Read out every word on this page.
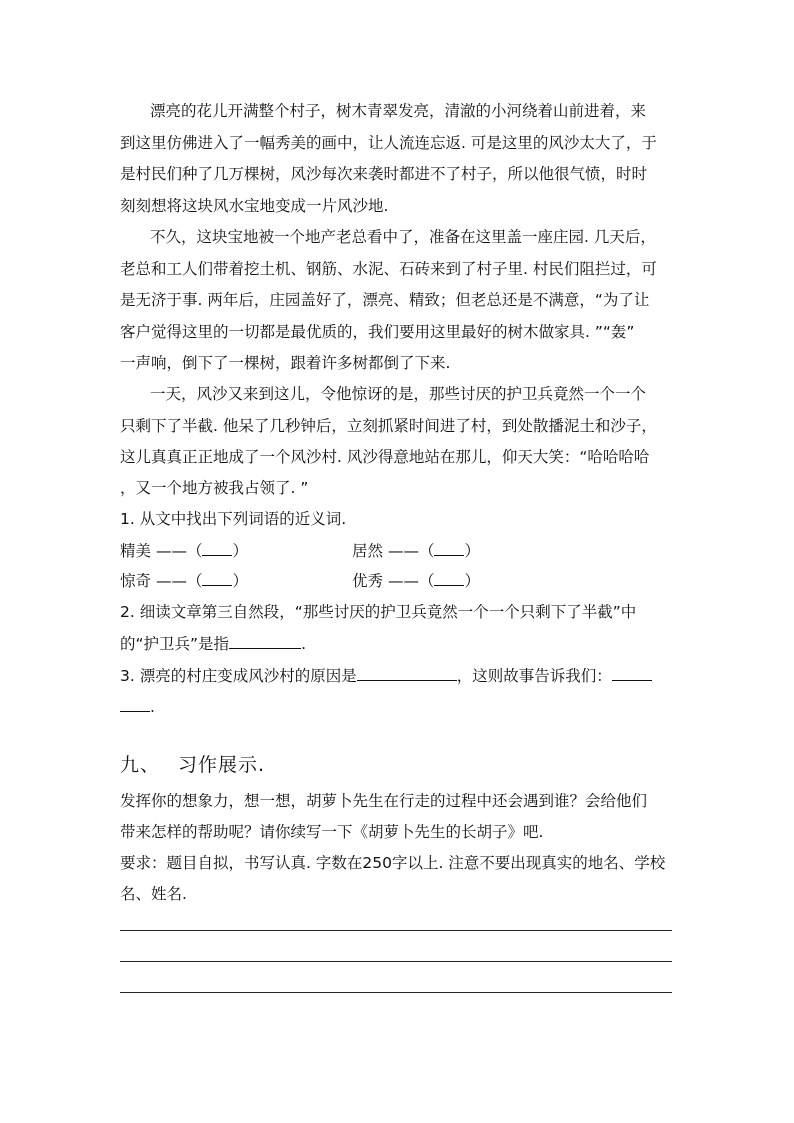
漂亮的花儿开满整个村子，树木青翠发亮，清澈的小河绕着山前进着，来
到这里仿佛进入了一幅秀美的画中，让人流连忘返. 可是这里的风沙太大了，于
是村民们种了几万棵树，风沙每次来袭时都进不了村子，所以他很气愤，时时
刻刻想将这块风水宝地变成一片风沙地.
不久，这块宝地被一个地产老总看中了，准备在这里盖一座庄园. 几天后，
老总和工人们带着挖土机、钢筋、水泥、石砖来到了村子里. 村民们阻拦过，可
是无济于事. 两年后，庄园盖好了，漂亮、精致；但老总还是不满意，“为了让
客户觉得这里的一切都是最优质的，我们要用这里最好的树木做家具. ”“轰”
一声响，倒下了一棵树，跟着许多树都倒了下来.
一天，风沙又来到这儿，令他惊讶的是，那些讨厌的护卫兵竟然一个一个
只剩下了半截. 他呆了几秒钟后，立刻抓紧时间进了村，到处散播泥土和沙子，
这儿真真正正地成了一个风沙村. 风沙得意地站在那儿，仰天大笑：“哈哈哈哈
，又一个地方被我占领了. ”
1. 从文中找出下列词语的近义词.
精美 ——（ ）	居然 ——（ ）
惊奇 ——（ ）	优秀 ——（ ）
2. 细读文章第三自然段，“那些讨厌的护卫兵竟然一个一个只剩下了半截”中
的“护卫兵”是指	.
3. 漂亮的村庄变成风沙村的原因是	，这则故事告诉我们：
.
九、 习作展示.
发挥你的想象力，想一想，胡萝卜先生在行走的过程中还会遇到谁？会给他们
带来怎样的帮助呢？请你续写一下《胡萝卜先生的长胡子》吧.
要求：题目自拟，书写认真. 字数在250字以上. 注意不要出现真实的地名、学校
名、姓名.
